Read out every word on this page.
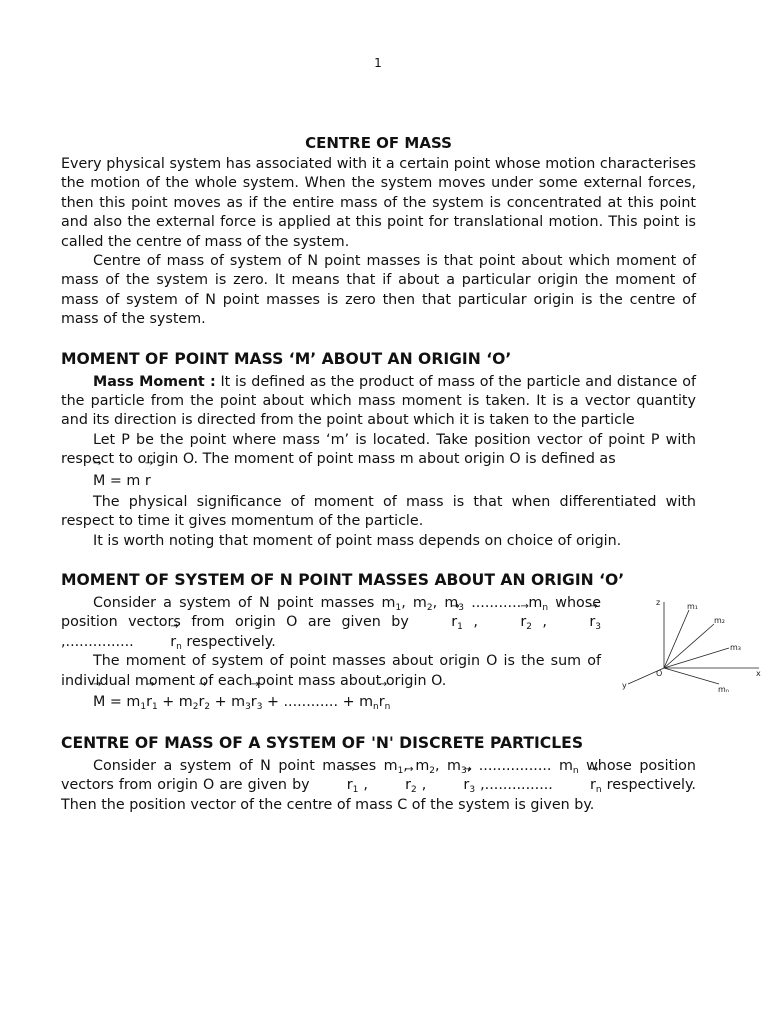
1
CENTRE OF MASS

Every physical system has associated with it a certain point whose motion characterises the motion of the whole system. When the system moves under some external forces, then this point moves as if the entire mass of the system is concentrated at this point and also the external force is applied at this point for translational motion. This point is called the centre of mass of the system.

Centre of mass of system of N point masses is that point about which moment of mass of the system is zero. It means that if about a particular origin the moment of mass of system of N point masses is zero then that particular origin is the centre of mass of the system.

MOMENT OF POINT MASS ‘M’ ABOUT AN ORIGIN ‘O’

Mass Moment : It is defined as the product of mass of the particle and distance of the particle from the point about which mass moment is taken. It is a vector quantity and its direction is directed from the point about which it is taken to the particle

Let P be the point where mass ‘m’ is located. Take position vector of point P with respect to origin O. The moment of point mass m about origin O is defined as

→ M = m → r

The physical significance of moment of mass is that when differentiated with respect to time it gives momentum of the particle.

It is worth noting that moment of point mass depends on choice of origin.

MOMENT OF SYSTEM OF N POINT MASSES ABOUT AN ORIGIN ‘O’

Consider a system of N point masses $m_1$, $m_2$, $m_3$ ........... $m_n$ whose position vectors from origin O are given by	→ $r_1$ , → $r_2$ , → $r_3$ ,............... → $r_n$ respectively.

The moment of system of point masses about origin O is the sum of individual moment of each point mass about origin O.

z
y
x
O
m₁
m₂
m₃
mₙ
→ $M = m_1\to r_1 + m_2\to r_2 + m_3\to r_3$ + ............ + $m_n\to r_n$
CENTRE OF MASS OF A SYSTEM OF 'N' DISCRETE PARTICLES

Consider a system of N point masses $m_1$, $m_2$, $m_3$, ................ $m_n$ whose position vectors from origin O are given by	→ $r_1$ , → $r_2$ , → $r_3$ ,............... → $r_n$ respectively. Then the position vector of the centre of mass C of the system is given by.
